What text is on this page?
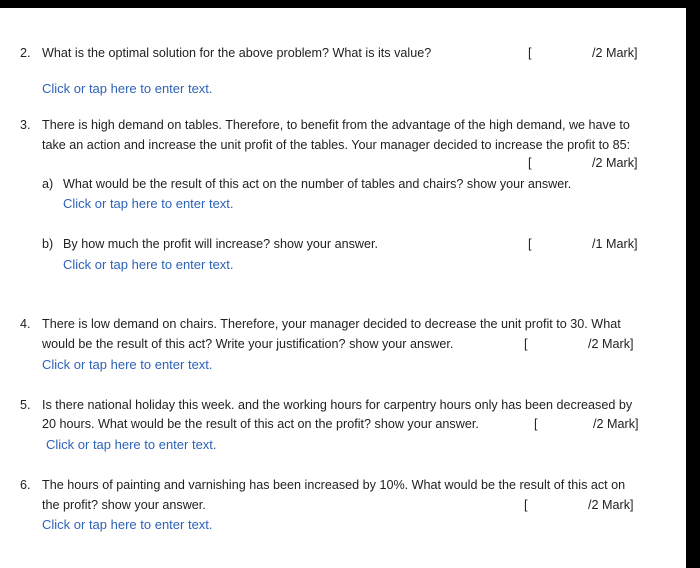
2. What is the optimal solution for the above problem? What is its value?	[	/2 Mark]
Click or tap here to enter text.
3. There is high demand on tables. Therefore, to benefit from the advantage of the high demand, we have to
take an action and increase the unit profit of the tables. Your manager decided to increase the profit to 85:
[	/2 Mark]
a) What would be the result of this act on the number of tables and chairs? show your answer.
Click or tap here to enter text.
b) By how much the profit will increase? show your answer.	[	/1 Mark]
Click or tap here to enter text.
4. There is low demand on chairs. Therefore, your manager decided to decrease the unit profit to 30. What
would be the result of this act? Write your justification? show your answer.	[	/2 Mark]
Click or tap here to enter text.
5. Is there national holiday this week. and the working hours for carpentry hours only has been decreased by
20 hours. What would be the result of this act on the profit? show your answer.	[	/2 Mark]
Click or tap here to enter text.
6. The hours of painting and varnishing has been increased by 10%. What would be the result of this act on
the profit? show your answer.	[	/2 Mark]
Click or tap here to enter text.
